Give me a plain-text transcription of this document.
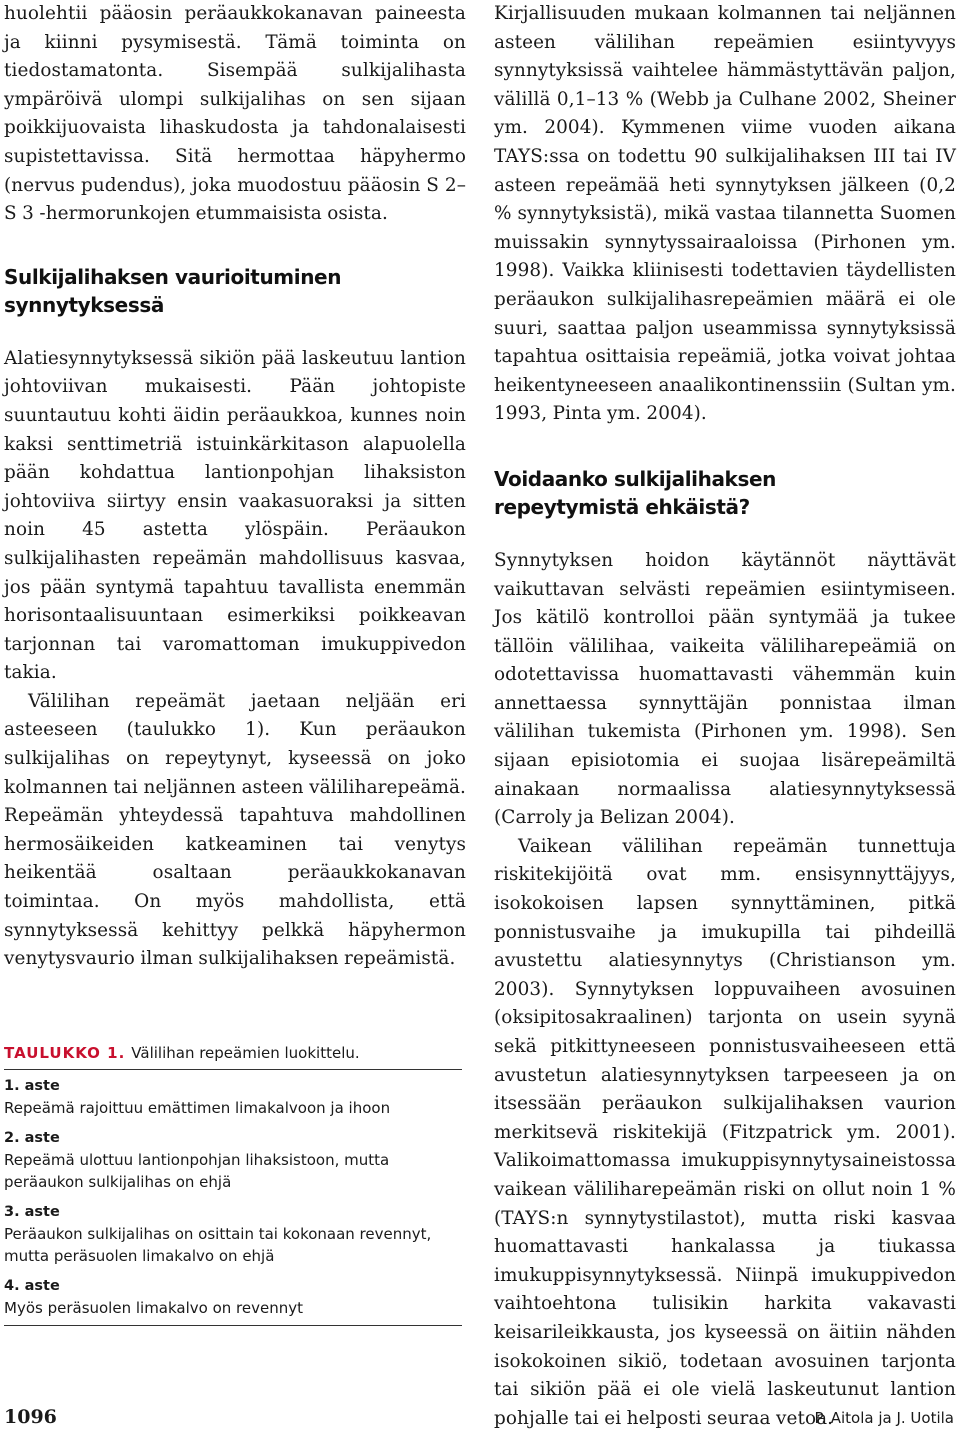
huolehtii pääosin peräaukkokanavan paineesta ja kiinni pysymisestä. Tämä toiminta on tiedostamatonta. Sisempää sulkijalihasta ympäröivä ulompi sulkijalihas on sen sijaan poikkijuovaista lihaskudosta ja tahdonalaisesti supistettavissa. Sitä hermottaa häpyhermo (nervus pudendus), joka muodostuu pääosin S 2–S 3 -hermorunkojen etummaisista osista.

Sulkijalihaksen vaurioituminen synnytyksessä

Alatiesynnytyksessä sikiön pää laskeutuu lantion johtoviivan mukaisesti. Pään johtopiste suuntautuu kohti äidin peräaukkoa, kunnes noin kaksi senttimetriä istuinkärkitason alapuolella pään kohdattua lantionpohjan lihaksiston johtoviiva siirtyy ensin vaakasuoraksi ja sitten noin 45 astetta ylöspäin. Peräaukon sulkijalihasten repeämän mahdollisuus kasvaa, jos pään syntymä tapahtuu tavallista enemmän horisontaalisuuntaan esimerkiksi poikkeavan tarjonnan tai varomattoman imukuppivedon takia.

Välilihan repeämät jaetaan neljään eri asteeseen (taulukko 1). Kun peräaukon sulkijalihas on repeytynyt, kyseessä on joko kolmannen tai neljännen asteen väliliharepeämä. Repeämän yhteydessä tapahtuva mahdollinen hermosäikeiden katkeaminen tai venytys heikentää osaltaan peräaukkokanavan toimintaa. On myös mahdollista, että synnytyksessä kehittyy pelkkä häpyhermon venytysvaurio ilman sulkijalihaksen repeämistä.

TAULUKKO 1. Välilihan repeämien luokittelu.

1. aste
Repeämä rajoittuu emättimen limakalvoon ja ihoon
2. aste
Repeämä ulottuu lantionpohjan lihaksistoon, mutta peräaukon sulkijalihas on ehjä
3. aste
Peräaukon sulkijalihas on osittain tai kokonaan revennyt, mutta peräsuolen limakalvo on ehjä
4. aste
Myös peräsuolen limakalvo on revennyt

Kirjallisuuden mukaan kolmannen tai neljännen asteen välilihan repeämien esiintyvyys synnytyksissä vaihtelee hämmästyttävän paljon, välillä 0,1–13 % (Webb ja Culhane 2002, Sheiner ym. 2004). Kymmenen viime vuoden aikana TAYS:ssa on todettu 90 sulkijalihaksen III tai IV asteen repeämää heti synnytyksen jälkeen (0,2 % synnytyksistä), mikä vastaa tilannetta Suomen muissakin synnytyssairaaloissa (Pirhonen ym. 1998). Vaikka kliinisesti todettavien täydellisten peräaukon sulkijalihasrepeämien määrä ei ole suuri, saattaa paljon useammissa synnytyksissä tapahtua osittaisia repeämiä, jotka voivat johtaa heikentyneeseen anaalikontinenssiin (Sultan ym. 1993, Pinta ym. 2004).

Voidaanko sulkijalihaksen repeytymistä ehkäistä?

Synnytyksen hoidon käytännöt näyttävät vaikuttavan selvästi repeämien esiintymiseen. Jos kätilö kontrolloi pään syntymää ja tukee tällöin välilihaa, vaikeita väliliharepeämiä on odotettavissa huomattavasti vähemmän kuin annettaessa synnyttäjän ponnistaa ilman välilihan tukemista (Pirhonen ym. 1998). Sen sijaan episiotomia ei suojaa lisärepeämiltä ainakaan normaalissa alatiesynnytyksessä (Carroly ja Belizan 2004).

Vaikean välilihan repeämän tunnettuja riskitekijöitä ovat mm. ensisynnyttäjyys, isokokoisen lapsen synnyttäminen, pitkä ponnistusvaihe ja imukupilla tai pihdeillä avustettu alatiesynnytys (Christianson ym. 2003). Synnytyksen loppuvaiheen avosuinen (oksipitosakraalinen) tarjonta on usein syynä sekä pitkittyneeseen ponnistusvaiheeseen että avustetun alatiesynnytyksen tarpeeseen ja on itsessään peräaukon sulkijalihaksen vaurion merkitsevä riskitekijä (Fitzpatrick ym. 2001). Valikoimattomassa imukuppisynnytysaineistossa vaikean väliliharepeämän riski on ollut noin 1 % (TAYS:n synnytystilastot), mutta riski kasvaa huomattavasti hankalassa ja tiukassa imukuppisynnytyksessä. Niinpä imukuppivedon vaihtoehtona tulisikin harkita vakavasti keisarileikkausta, jos kyseessä on äitiin nähden isokokoinen sikiö, todetaan avosuinen tarjonta tai sikiön pää ei ole vielä laskeutunut lantion pohjalle tai ei helposti seuraa vetoa.

1096	P. Aitola ja J. Uotila
